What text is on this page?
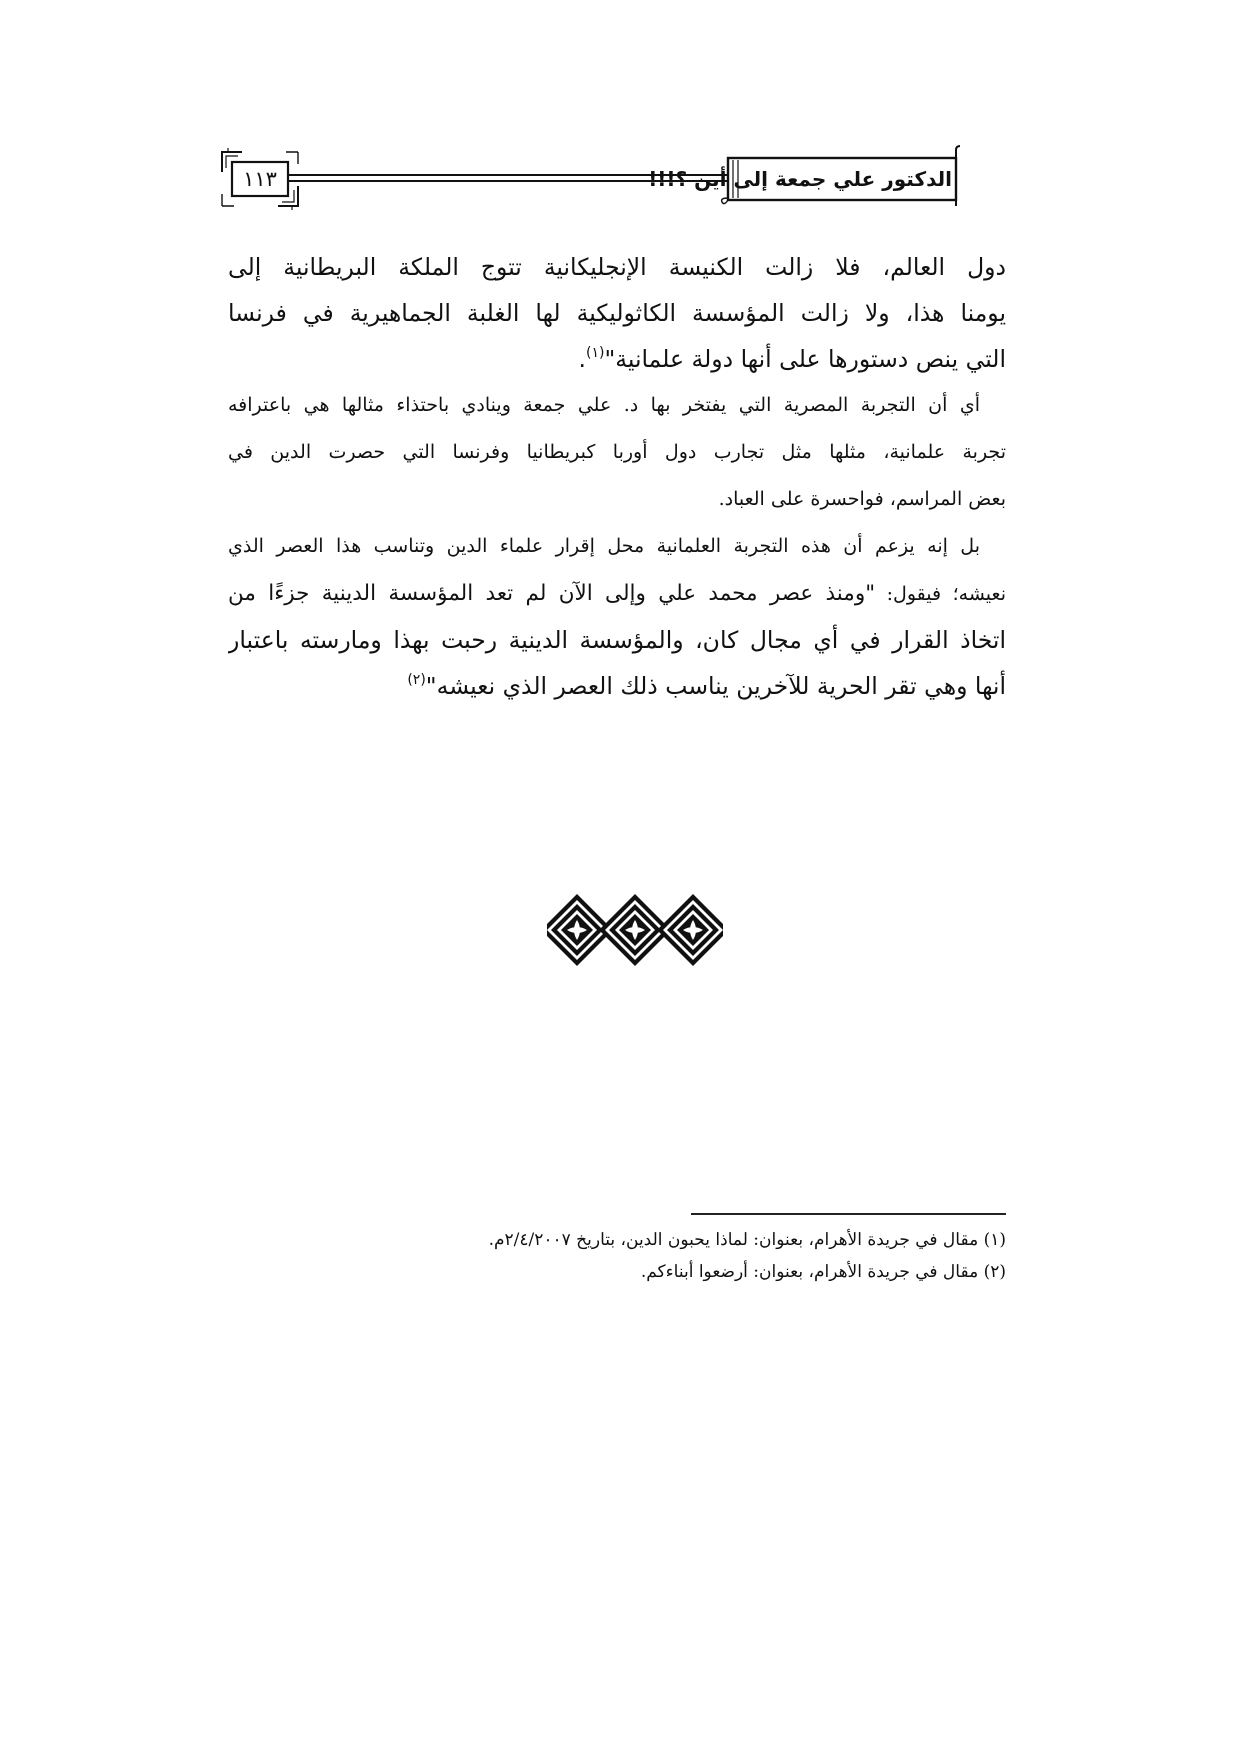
الدكتور علي جمعة إلى أين ؟!!!
١١٣
دول العالم، فلا زالت الكنيسة الإنجليكانية تتوج الملكة البريطانية إلى
يومنا هذا، ولا زالت المؤسسة الكاثوليكية لها الغلبة الجماهيرية في فرنسا
التي ينص دستورها على أنها دولة علمانية"$^{(١)}$.
أي أن التجربة المصرية التي يفتخر بها د. علي جمعة وينادي باحتذاء مثالها هي باعترافه
تجربة علمانية، مثلها مثل تجارب دول أوربا كبريطانيا وفرنسا التي حصرت الدين في
بعض المراسم، فواحسرة على العباد.
بل إنه يزعم أن هذه التجربة العلمانية محل إقرار علماء الدين وتناسب هذا العصر الذي
نعيشه؛ فيقول: "ومنذ عصر محمد علي وإلى الآن لم تعد المؤسسة الدينية جزءًا من
اتخاذ القرار في أي مجال كان، والمؤسسة الدينية رحبت بهذا ومارسته باعتبار
أنها وهي تقر الحرية للآخرين يناسب ذلك العصر الذي نعيشه"$^{(٢)}$
(١) مقال في جريدة الأهرام، بعنوان: لماذا يحبون الدين، بتاريخ ٢/٤/٢٠٠٧م.
(٢) مقال في جريدة الأهرام، بعنوان: أرضعوا أبناءكم.
